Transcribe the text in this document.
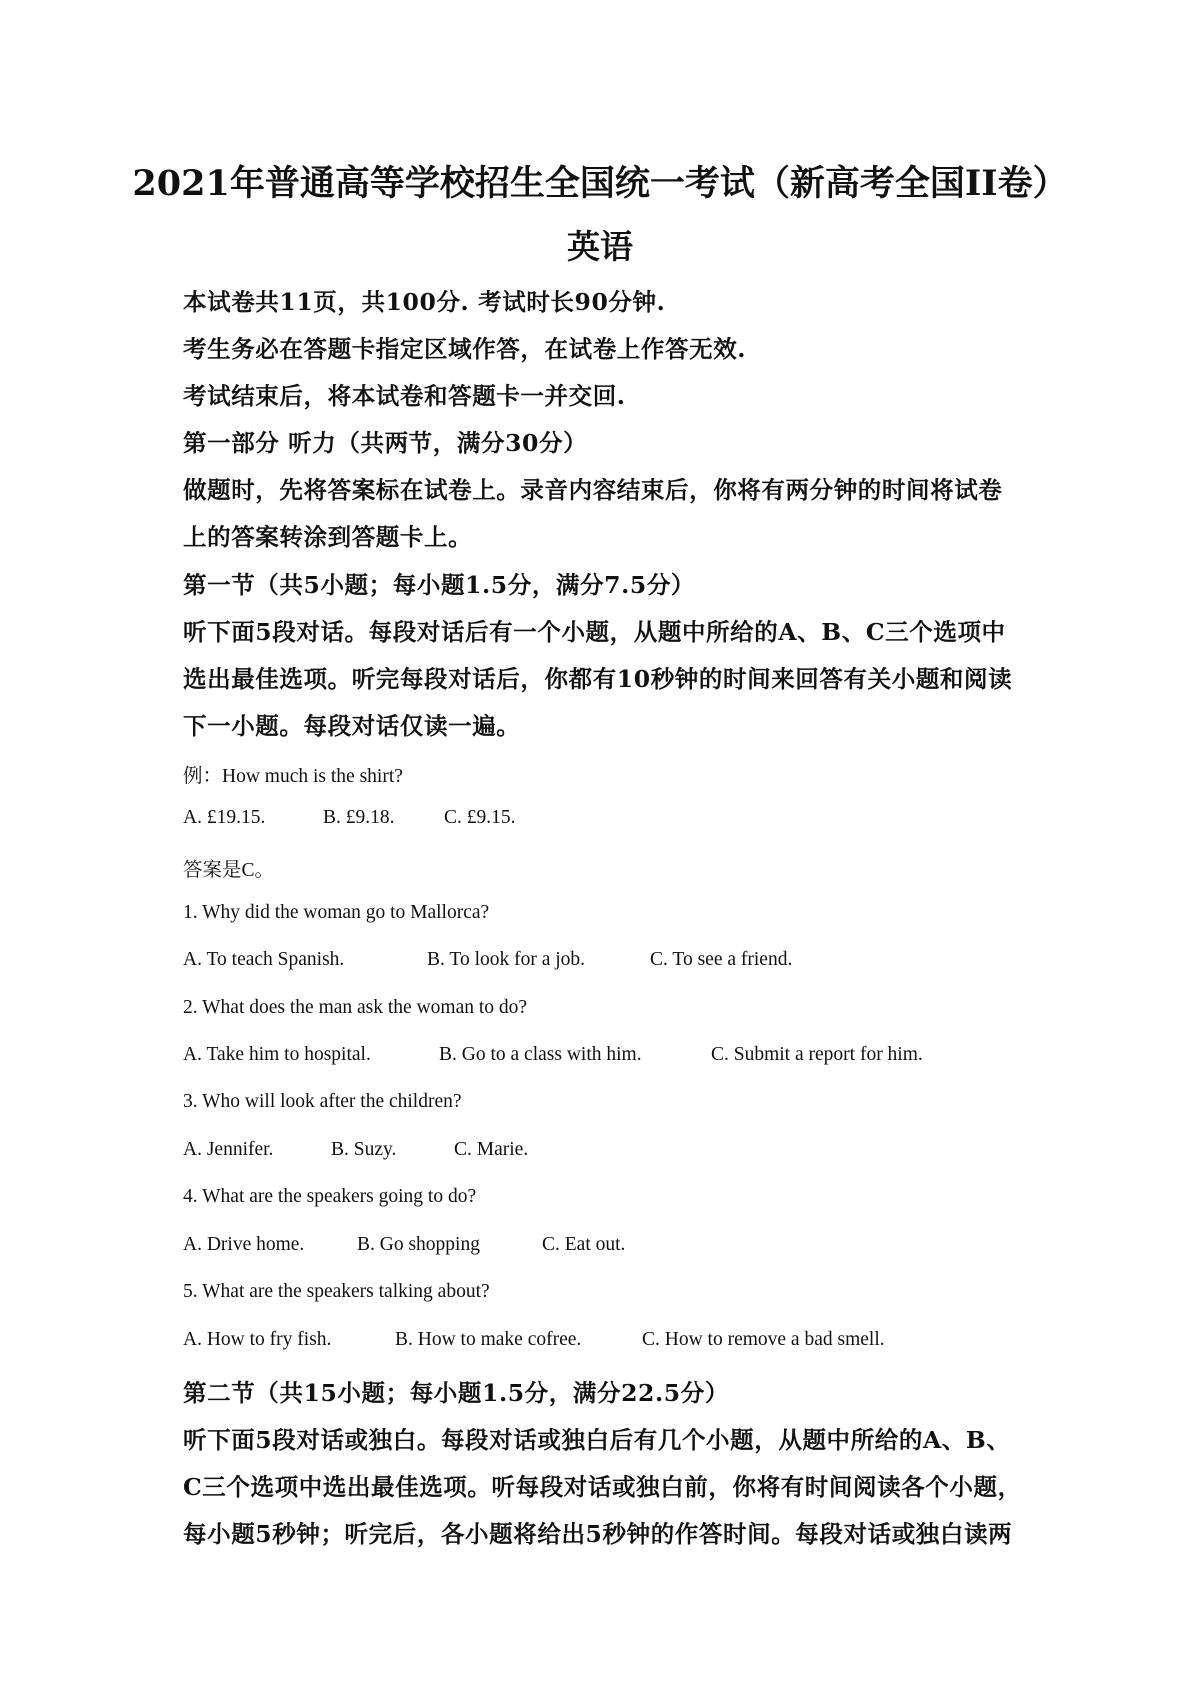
2021年普通高等学校招生全国统一考试（新高考全国II卷）
英语
本试卷共11页，共100分. 考试时长90分钟.
考生务必在答题卡指定区域作答，在试卷上作答无效.
考试结束后，将本试卷和答题卡一并交回.
第一部分 听力（共两节，满分30分）
做题时，先将答案标在试卷上。录音内容结束后，你将有两分钟的时间将试卷
上的答案转涂到答题卡上。
第一节（共5小题；每小题1.5分，满分7.5分）
听下面5段对话。每段对话后有一个小题，从题中所给的A、B、C三个选项中
选出最佳选项。听完每段对话后，你都有10秒钟的时间来回答有关小题和阅读
下一小题。每段对话仅读一遍。
例：How much is the shirt?
A. £19.15.	B. £9.18.	C. £9.15.
答案是C。
1. Why did the woman go to Mallorca?
A. To teach Spanish.	B. To look for a job.	C. To see a friend.
2. What does the man ask the woman to do?
A. Take him to hospital.	B. Go to a class with him.	C. Submit a report for him.
3. Who will look after the children?
A. Jennifer.	B. Suzy.	C. Marie.
4. What are the speakers going to do?
A. Drive home.	B. Go shopping	C. Eat out.
5. What are the speakers talking about?
A. How to fry fish.	B. How to make cofree.	C. How to remove a bad smell.
第二节（共15小题；每小题1.5分，满分22.5分）
听下面5段对话或独白。每段对话或独白后有几个小题，从题中所给的A、B、
C三个选项中选出最佳选项。听每段对话或独白前，你将有时间阅读各个小题，
每小题5秒钟；听完后，各小题将给出5秒钟的作答时间。每段对话或独白读两
